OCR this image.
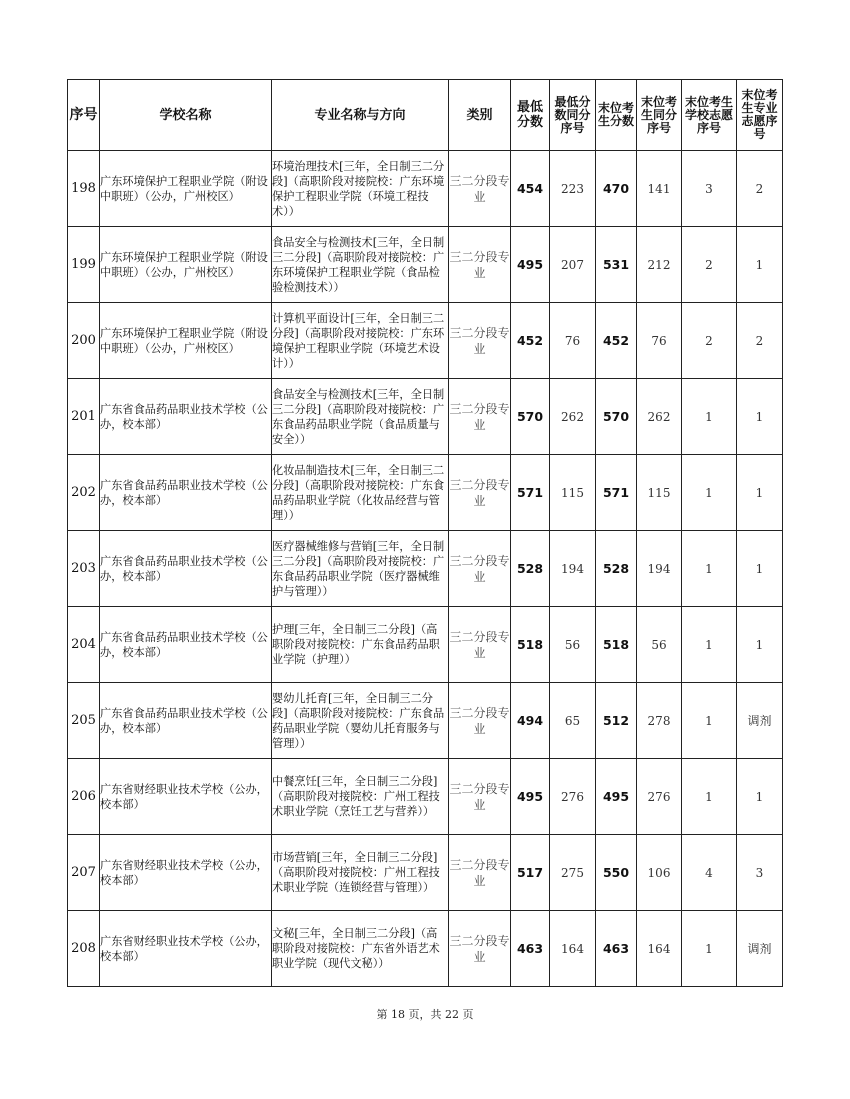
序号	学校名称	专业名称与方向	类别	最低分数	最低分数同分序号	末位考生分数	末位考生同分序号	末位考生学校志愿序号	末位考生专业志愿序号
198	广东环境保护工程职业学院（附设中职班）（公办，广州校区）	环境治理技术[三年，全日制三二分段]（高职阶段对接院校：广东环境保护工程职业学院（环境工程技术））	三二分段专业	454	223	470	141	3	2
199	广东环境保护工程职业学院（附设中职班）（公办，广州校区）	食品安全与检测技术[三年，全日制三二分段]（高职阶段对接院校：广东环境保护工程职业学院（食品检验检测技术））	三二分段专业	495	207	531	212	2	1
200	广东环境保护工程职业学院（附设中职班）（公办，广州校区）	计算机平面设计[三年，全日制三二分段]（高职阶段对接院校：广东环境保护工程职业学院（环境艺术设计））	三二分段专业	452	76	452	76	2	2
201	广东省食品药品职业技术学校（公办，校本部）	食品安全与检测技术[三年，全日制三二分段]（高职阶段对接院校：广东食品药品职业学院（食品质量与安全））	三二分段专业	570	262	570	262	1	1
202	广东省食品药品职业技术学校（公办，校本部）	化妆品制造技术[三年，全日制三二分段]（高职阶段对接院校：广东食品药品职业学院（化妆品经营与管理））	三二分段专业	571	115	571	115	1	1
203	广东省食品药品职业技术学校（公办，校本部）	医疗器械维修与营销[三年，全日制三二分段]（高职阶段对接院校：广东食品药品职业学院（医疗器械维护与管理））	三二分段专业	528	194	528	194	1	1
204	广东省食品药品职业技术学校（公办，校本部）	护理[三年，全日制三二分段]（高职阶段对接院校：广东食品药品职业学院（护理））	三二分段专业	518	56	518	56	1	1
205	广东省食品药品职业技术学校（公办，校本部）	婴幼儿托育[三年，全日制三二分段]（高职阶段对接院校：广东食品药品职业学院（婴幼儿托育服务与管理））	三二分段专业	494	65	512	278	1	调剂
206	广东省财经职业技术学校（公办，校本部）	中餐烹饪[三年，全日制三二分段]（高职阶段对接院校：广州工程技术职业学院（烹饪工艺与营养））	三二分段专业	495	276	495	276	1	1
207	广东省财经职业技术学校（公办，校本部）	市场营销[三年，全日制三二分段]（高职阶段对接院校：广州工程技术职业学院（连锁经营与管理））	三二分段专业	517	275	550	106	4	3
208	广东省财经职业技术学校（公办，校本部）	文秘[三年，全日制三二分段]（高职阶段对接院校：广东省外语艺术职业学院（现代文秘））	三二分段专业	463	164	463	164	1	调剂
第 18 页，共 22 页
